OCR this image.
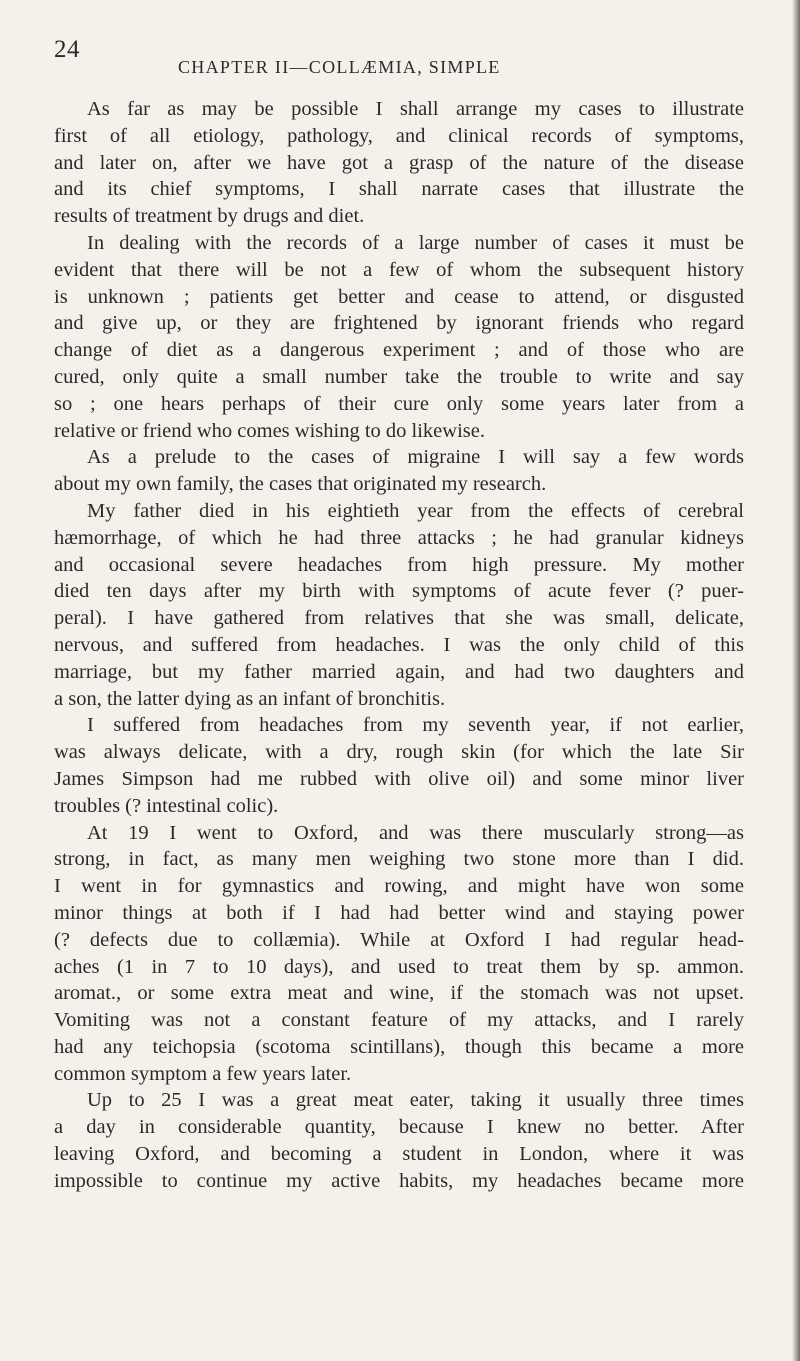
24
CHAPTER II—COLLÆMIA, SIMPLE
As far as may be possible I shall arrange my cases to illustrate
first of all etiology, pathology, and clinical records of symptoms,
and later on, after we have got a grasp of the nature of the disease
and its chief symptoms, I shall narrate cases that illustrate the
results of treatment by drugs and diet.
In dealing with the records of a large number of cases it must be
evident that there will be not a few of whom the subsequent history
is unknown ; patients get better and cease to attend, or disgusted
and give up, or they are frightened by ignorant friends who regard
change of diet as a dangerous experiment ; and of those who are
cured, only quite a small number take the trouble to write and say
so ; one hears perhaps of their cure only some years later from a
relative or friend who comes wishing to do likewise.
As a prelude to the cases of migraine I will say a few words
about my own family, the cases that originated my research.
My father died in his eightieth year from the effects of cerebral
hæmorrhage, of which he had three attacks ; he had granular kidneys
and occasional severe headaches from high pressure. My mother
died ten days after my birth with symptoms of acute fever (? puer-
peral). I have gathered from relatives that she was small, delicate,
nervous, and suffered from headaches. I was the only child of this
marriage, but my father married again, and had two daughters and
a son, the latter dying as an infant of bronchitis.
I suffered from headaches from my seventh year, if not earlier,
was always delicate, with a dry, rough skin (for which the late Sir
James Simpson had me rubbed with olive oil) and some minor liver
troubles (? intestinal colic).
At 19 I went to Oxford, and was there muscularly strong—as
strong, in fact, as many men weighing two stone more than I did.
I went in for gymnastics and rowing, and might have won some
minor things at both if I had had better wind and staying power
(? defects due to collæmia). While at Oxford I had regular head-
aches (1 in 7 to 10 days), and used to treat them by sp. ammon.
aromat., or some extra meat and wine, if the stomach was not upset.
Vomiting was not a constant feature of my attacks, and I rarely
had any teichopsia (scotoma scintillans), though this became a more
common symptom a few years later.
Up to 25 I was a great meat eater, taking it usually three times
a day in considerable quantity, because I knew no better. After
leaving Oxford, and becoming a student in London, where it was
impossible to continue my active habits, my headaches became more
